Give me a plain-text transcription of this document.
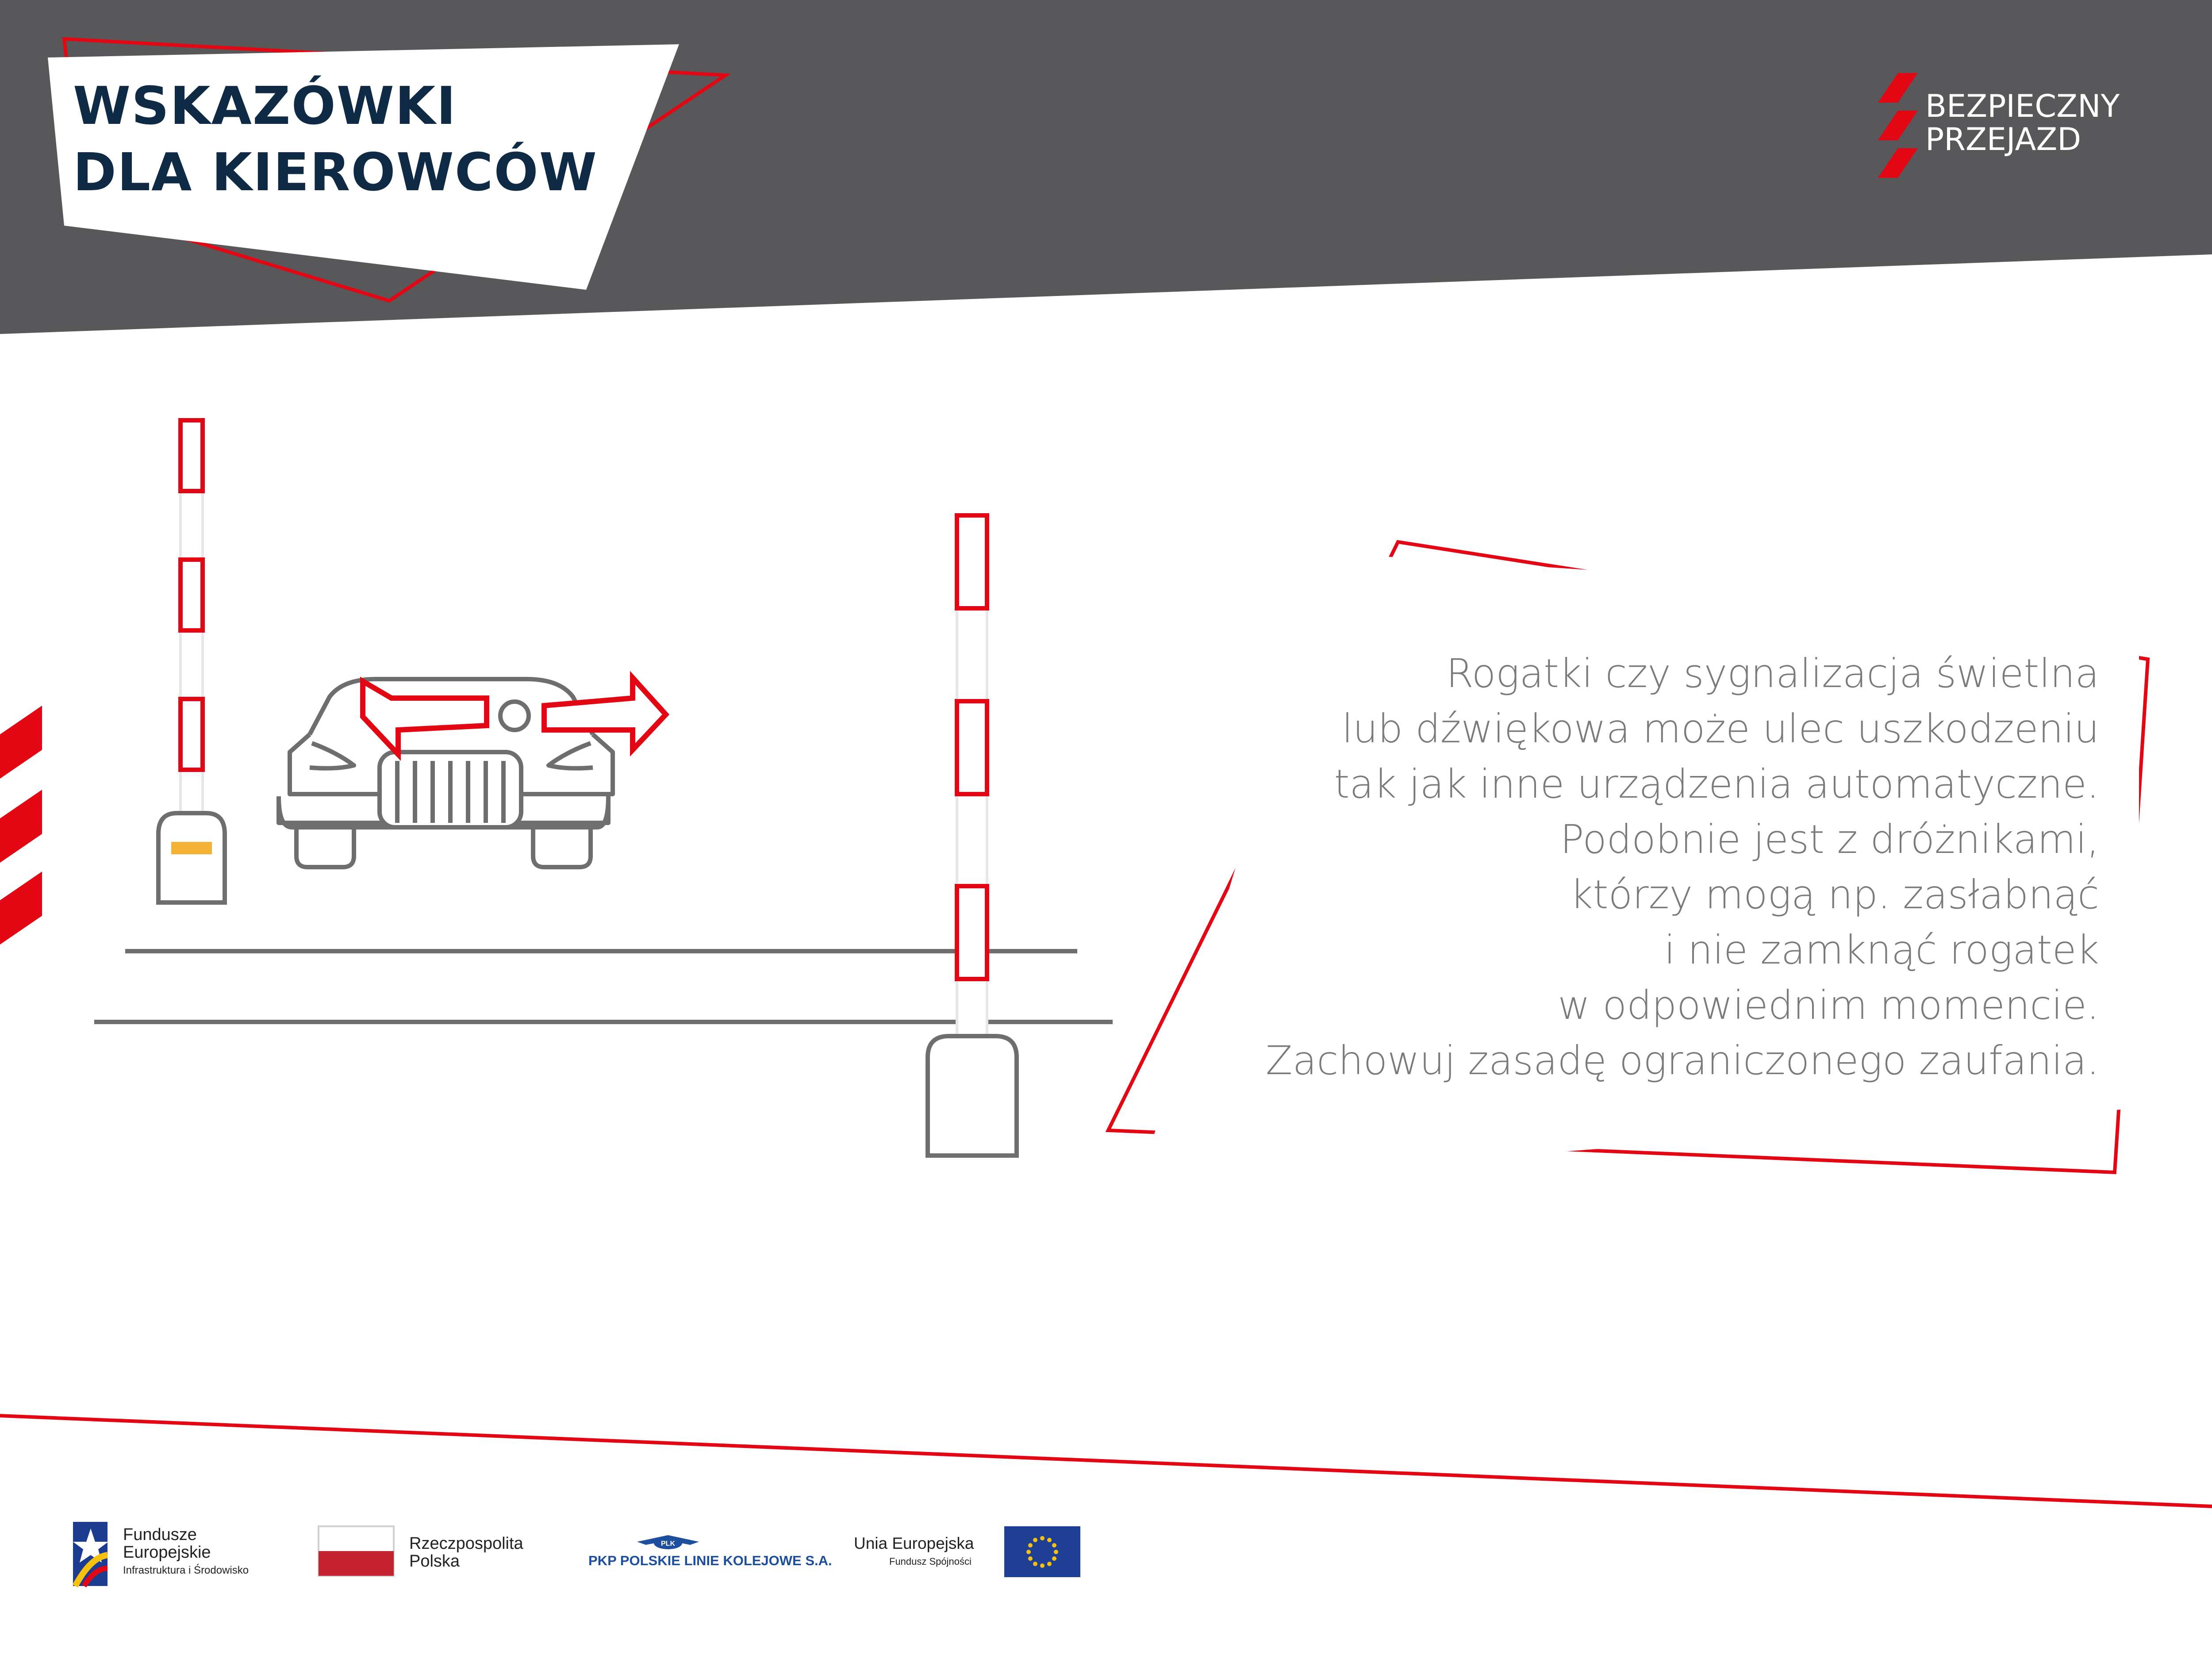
WSKAZÓWKI
DLA KIEROWCÓW
BEZPIECZNY
PRZEJAZD
Rogatki czy sygnalizacja świetlna
lub dźwiękowa może ulec uszkodzeniu
tak jak inne urządzenia automatyczne.
Podobnie jest z dróżnikami,
którzy mogą np. zasłabnąć
i nie zamknąć rogatek
w odpowiednim momencie.
Zachowuj zasadę ograniczonego zaufania.
PLK
Fundusze
Europejskie
Infrastruktura i Środowisko
Rzeczpospolita
Polska	PKP POLSKIE LINIE KOLEJOWE S.A.
Unia Europejska
Fundusz Spójności
